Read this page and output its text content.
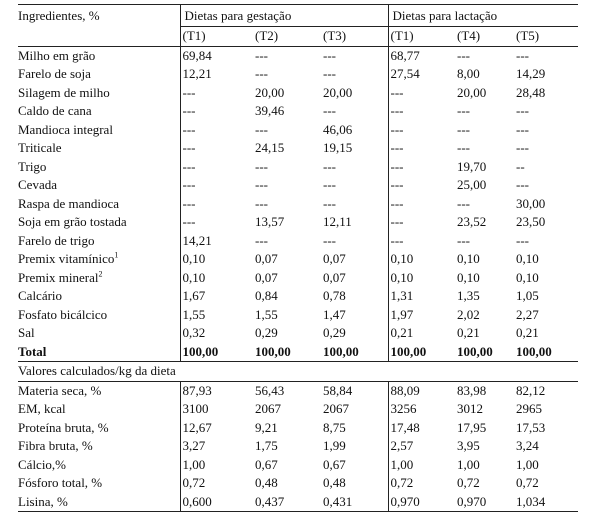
Ingredientes, %	Dietas para gestação			Dietas para lactação		
	(T1)	(T2)	(T3)	(T1)	(T4)	(T5)
Milho em grão	69,84	---	---	68,77	---	---
Farelo de soja	12,21	---	---	27,54	8,00	14,29
Silagem de milho	---	20,00	20,00	---	20,00	28,48
Caldo de cana	---	39,46	---	---	---	---
Mandioca integral	---	---	46,06	---	---	---
Triticale	---	24,15	19,15	---	---	---
Trigo	---	---	---	---	19,70	--
Cevada	---	---	---	---	25,00	---
Raspa de mandioca	---	---	---	---	---	30,00
Soja em grão tostada	---	13,57	12,11	---	23,52	23,50
Farelo de trigo	14,21	---	---	---	---	---
Premix vitamínico$^1$	0,10	0,07	0,07	0,10	0,10	0,10
Premix mineral$^2$	0,10	0,07	0,07	0,10	0,10	0,10
Calcário	1,67	0,84	0,78	1,31	1,35	1,05
Fosfato bicálcico	1,55	1,55	1,47	1,97	2,02	2,27
Sal	0,32	0,29	0,29	0,21	0,21	0,21
Total	100,00	100,00	100,00	100,00	100,00	100,00
Valores calculados/kg da dieta						
Materia seca, %	87,93	56,43	58,84	88,09	83,98	82,12
EM, kcal	3100	2067	2067	3256	3012	2965
Proteína bruta, %	12,67	9,21	8,75	17,48	17,95	17,53
Fibra bruta, %	3,27	1,75	1,99	2,57	3,95	3,24
Cálcio,%	1,00	0,67	0,67	1,00	1,00	1,00
Fósforo total, %	0,72	0,48	0,48	0,72	0,72	0,72
Lisina, %	0,600	0,437	0,431	0,970	0,970	1,034
